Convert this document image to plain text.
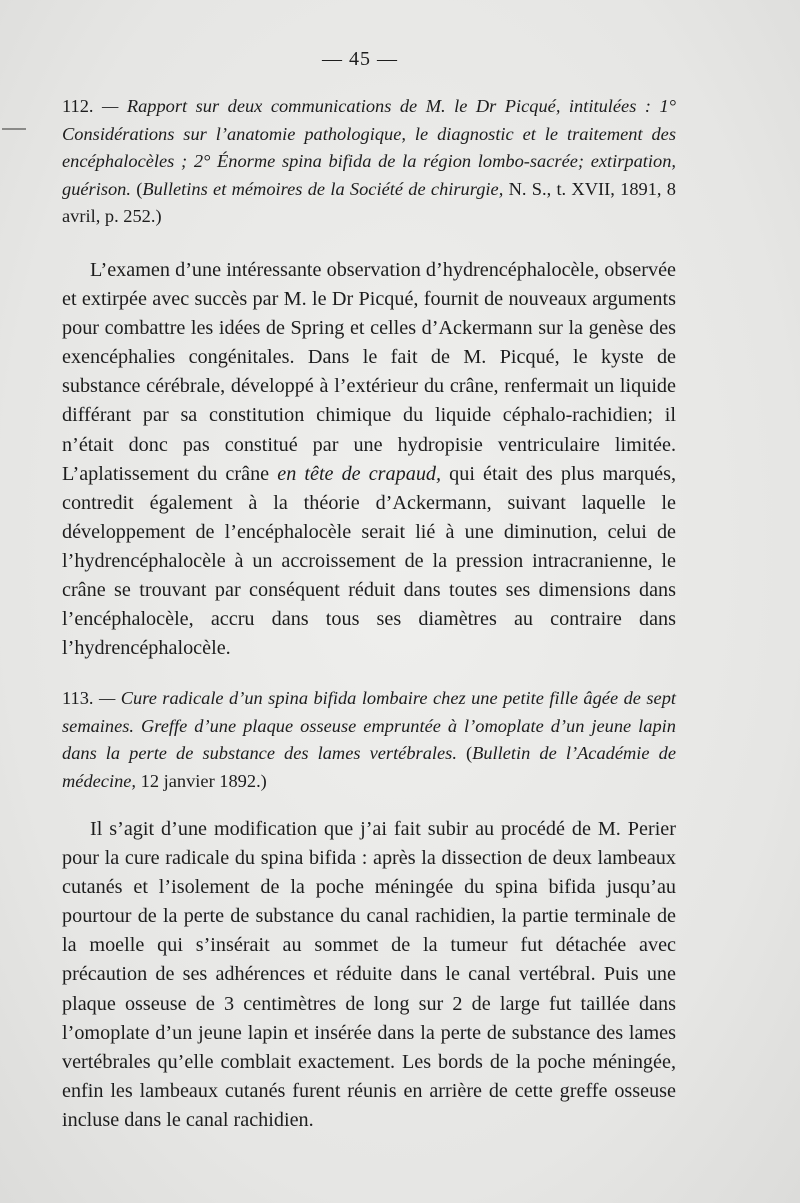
— 45 —
112. — Rapport sur deux communications de M. le Dr Picqué, intitulées : 1° Considérations sur l’anatomie pathologique, le diagnostic et le traitement des encéphalocèles ; 2° Énorme spina bifida de la région lombo-sacrée; extirpation, guérison. (Bulletins et mémoires de la Société de chirurgie, N. S., t. XVII, 1891, 8 avril, p. 252.)
L’examen d’une intéressante observation d’hydrencéphalocèle, observée et extirpée avec succès par M. le Dr Picqué, fournit de nouveaux arguments pour combattre les idées de Spring et celles d’Ackermann sur la genèse des exencéphalies congénitales. Dans le fait de M. Picqué, le kyste de substance cérébrale, développé à l’extérieur du crâne, renfermait un liquide différant par sa constitution chimique du liquide céphalo-rachidien; il n’était donc pas constitué par une hydropisie ventriculaire limitée. L’aplatissement du crâne en tête de crapaud, qui était des plus marqués, contredit également à la théorie d’Ackermann, suivant laquelle le développement de l’encéphalocèle serait lié à une diminution, celui de l’hydrencéphalocèle à un accroissement de la pression intracranienne, le crâne se trouvant par conséquent réduit dans toutes ses dimensions dans l’encéphalocèle, accru dans tous ses diamètres au contraire dans l’hydrencéphalocèle.
113. — Cure radicale d’un spina bifida lombaire chez une petite fille âgée de sept semaines. Greffe d’une plaque osseuse empruntée à l’omoplate d’un jeune lapin dans la perte de substance des lames vertébrales. (Bulletin de l’Académie de médecine, 12 janvier 1892.)
Il s’agit d’une modification que j’ai fait subir au procédé de M. Perier pour la cure radicale du spina bifida : après la dissection de deux lambeaux cutanés et l’isolement de la poche méningée du spina bifida jusqu’au pourtour de la perte de substance du canal rachidien, la partie terminale de la moelle qui s’insérait au sommet de la tumeur fut détachée avec précaution de ses adhérences et réduite dans le canal vertébral. Puis une plaque osseuse de 3 centimètres de long sur 2 de large fut taillée dans l’omoplate d’un jeune lapin et insérée dans la perte de substance des lames vertébrales qu’elle comblait exactement. Les bords de la poche méningée, enfin les lambeaux cutanés furent réunis en arrière de cette greffe osseuse incluse dans le canal rachidien.
